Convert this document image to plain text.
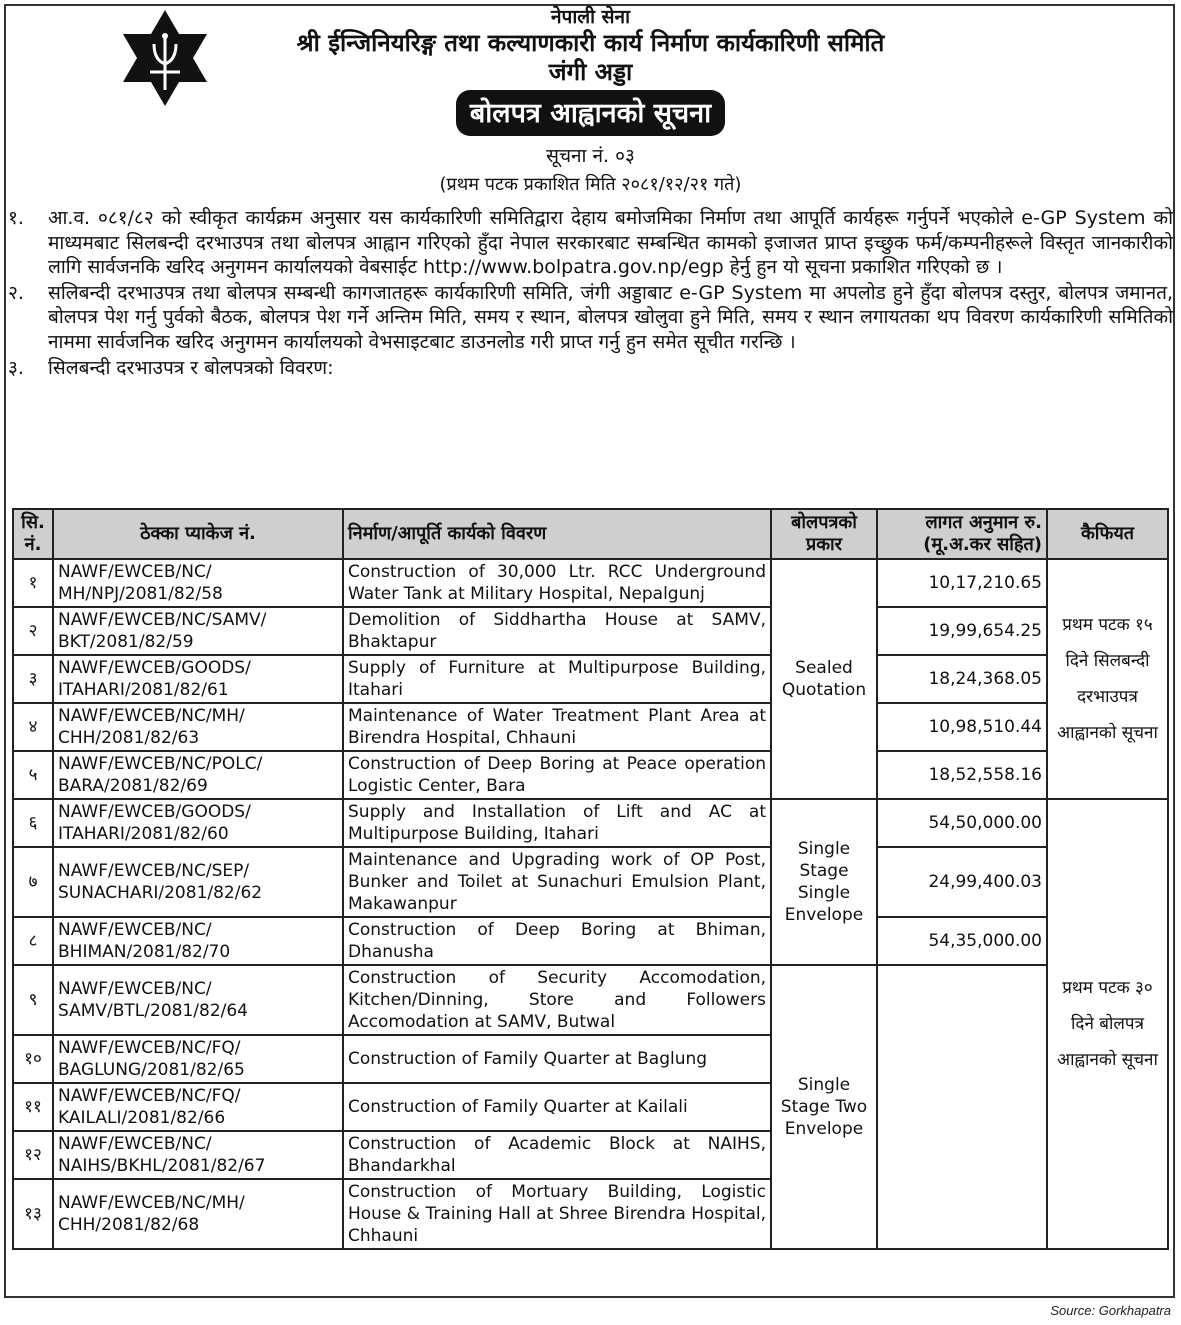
नेपाली सेना
श्री ईन्जिनियरिङ्ग तथा कल्याणकारी कार्य निर्माण कार्यकारिणी समिति
जंगी अड्डा
बोलपत्र आह्वानको सूचना
सूचना नं. ०३
(प्रथम पटक प्रकाशित मिति २०८१/१२/२१ गते)
१.	आ.व. ०८१/८२ को स्वीकृत कार्यक्रम अनुसार यस कार्यकारिणी समितिद्वारा देहाय बमोजमिका निर्माण तथा आपूर्ति कार्यहरू गर्नुपर्ने भएकोले e-GP System को माध्यमबाट सिलबन्दी दरभाउपत्र तथा बोलपत्र आह्वान गरिएको हुँदा नेपाल सरकारबाट सम्बन्धित कामको इजाजत प्राप्त इच्छुक फर्म/कम्पनीहरूले विस्तृत जानकारीको लागि सार्वजनकि खरिद अनुगमन कार्यालयको वेबसाईट http://www.bolpatra.gov.np/egp हेर्नु हुन यो सूचना प्रकाशित गरिएको छ ।
२.	सलिबन्दी दरभाउपत्र तथा बोलपत्र सम्बन्धी कागजातहरू कार्यकारिणी समिति, जंगी अड्डाबाट e-GP System मा अपलोड हुने हुँदा बोलपत्र दस्तुर, बोलपत्र जमानत, बोलपत्र पेश गर्नु पुर्वको बैठक, बोलपत्र पेश गर्ने अन्तिम मिति, समय र स्थान, बोलपत्र खोलुवा हुने मिति, समय र स्थान लगायतका थप विवरण कार्यकारिणी समितिको नाममा सार्वजनिक खरिद अनुगमन कार्यालयको वेभसाइटबाट डाउनलोड गरी प्राप्त गर्नु हुन समेत सूचीत गरन्छि ।
३.	सिलबन्दी दरभाउपत्र र बोलपत्रको विवरण:
सि. नं.	ठेक्का प्याकेज नं.	निर्माण/आपूर्ति कार्यको विवरण	बोलपत्रको प्रकार	लागत अनुमान रु.
(मू.अ.कर सहित)	कैफियत
१	NAWF/EWCEB/NC/
MH/NPJ/2081/82/58	Construction of 30,000 Ltr. RCC Underground Water Tank at Military Hospital, Nepalgunj	Sealed Quotation	10,17,210.65	प्रथम पटक १५ दिने सिलबन्दी दरभाउपत्र आह्वानको सूचना
२	NAWF/EWCEB/NC/SAMV/
BKT/2081/82/59	Demolition of Siddhartha House at SAMV, Bhaktapur		19,99,654.25	
३	NAWF/EWCEB/GOODS/
ITAHARI/2081/82/61	Supply of Furniture at Multipurpose Building, Itahari		18,24,368.05	
४	NAWF/EWCEB/NC/MH/
CHH/2081/82/63	Maintenance of Water Treatment Plant Area at Birendra Hospital, Chhauni		10,98,510.44	
५	NAWF/EWCEB/NC/POLC/
BARA/2081/82/69	Construction of Deep Boring at Peace operation Logistic Center, Bara		18,52,558.16	
६	NAWF/EWCEB/GOODS/
ITAHARI/2081/82/60	Supply and Installation of Lift and AC at Multipurpose Building, Itahari	Single Stage Single Envelope	54,50,000.00	प्रथम पटक ३० दिने बोलपत्र आह्वानको सूचना
७	NAWF/EWCEB/NC/SEP/
SUNACHARI/2081/82/62	Maintenance and Upgrading work of OP Post, Bunker and Toilet at Sunachuri Emulsion Plant, Makawanpur		24,99,400.03	
८	NAWF/EWCEB/NC/
BHIMAN/2081/82/70	Construction of Deep Boring at Bhiman, Dhanusha		54,35,000.00	
९	NAWF/EWCEB/NC/
SAMV/BTL/2081/82/64	Construction of Security Accomodation, Kitchen/Dinning, Store and Followers Accomodation at SAMV, Butwal	Single Stage Two Envelope		
१०	NAWF/EWCEB/NC/FQ/
BAGLUNG/2081/82/65	Construction of Family Quarter at Baglung			
११	NAWF/EWCEB/NC/FQ/
KAILALI/2081/82/66	Construction of Family Quarter at Kailali			
१२	NAWF/EWCEB/NC/
NAIHS/BKHL/2081/82/67	Construction of Academic Block at NAIHS, Bhandarkhal			
१३	NAWF/EWCEB/NC/MH/
CHH/2081/82/68	Construction of Mortuary Building, Logistic House & Training Hall at Shree Birendra Hospital, Chhauni			
Source: Gorkhapatra
